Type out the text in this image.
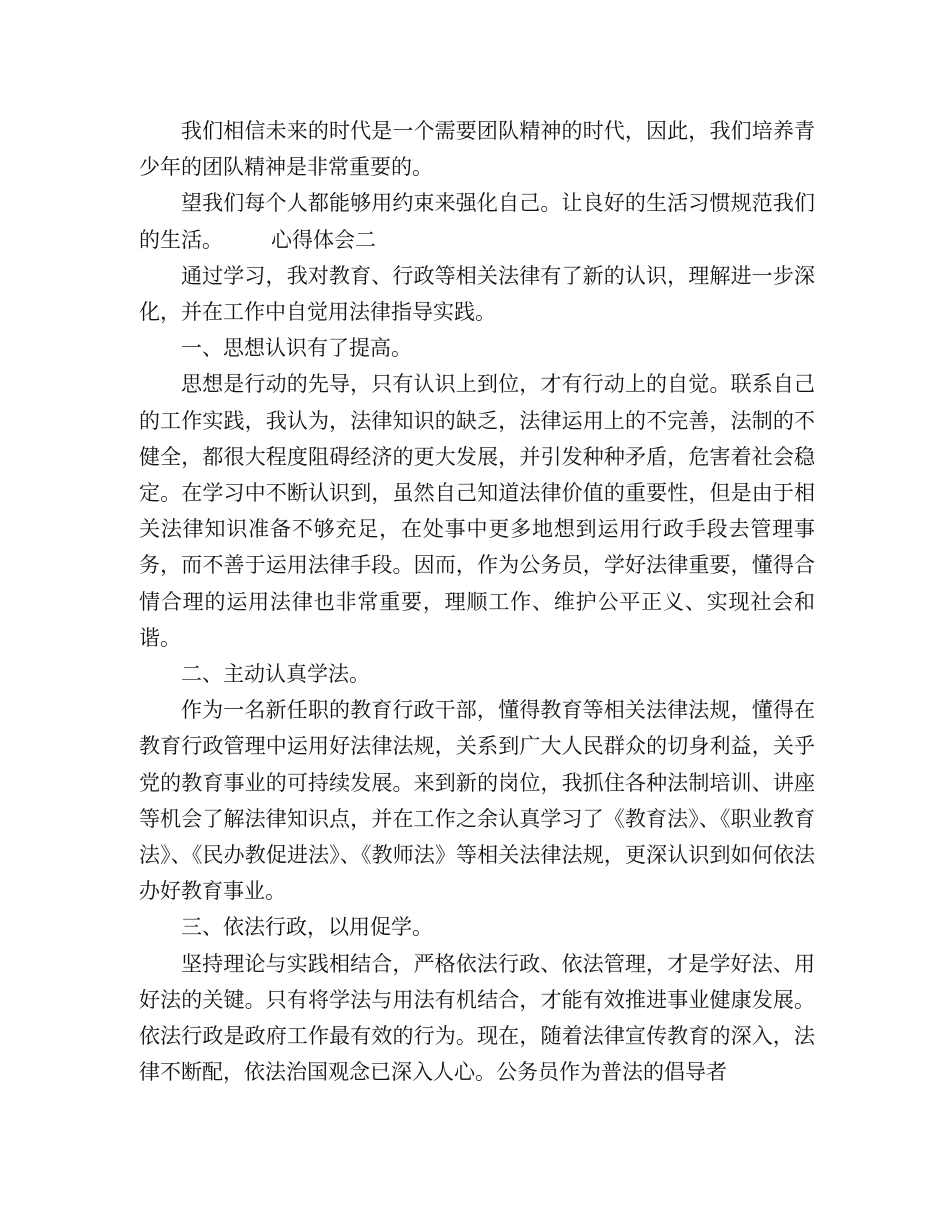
我们相信未来的时代是一个需要团队精神的时代，因此，我们培养青少年的团队精神是非常重要的。

望我们每个人都能够用约束来强化自己。让良好的生活习惯规范我们的生活。 心得体会二

通过学习，我对教育、行政等相关法律有了新的认识，理解进一步深化，并在工作中自觉用法律指导实践。

一、思想认识有了提高。

思想是行动的先导，只有认识上到位，才有行动上的自觉。联系自己的工作实践，我认为，法律知识的缺乏，法律运用上的不完善，法制的不健全，都很大程度阻碍经济的更大发展，并引发种种矛盾，危害着社会稳定。在学习中不断认识到，虽然自己知道法律价值的重要性，但是由于相关法律知识准备不够充足，在处事中更多地想到运用行政手段去管理事务，而不善于运用法律手段。因而，作为公务员，学好法律重要，懂得合情合理的运用法律也非常重要，理顺工作、维护公平正义、实现社会和谐。

二、主动认真学法。

作为一名新任职的教育行政干部，懂得教育等相关法律法规，懂得在教育行政管理中运用好法律法规，关系到广大人民群众的切身利益，关乎党的教育事业的可持续发展。来到新的岗位，我抓住各种法制培训、讲座等机会了解法律知识点，并在工作之余认真学习了《教育法》、《职业教育法》、《民办教促进法》、《教师法》等相关法律法规，更深认识到如何依法办好教育事业。

三、依法行政，以用促学。

坚持理论与实践相结合，严格依法行政、依法管理，才是学好法、用好法的关键。只有将学法与用法有机结合，才能有效推进事业健康发展。依法行政是政府工作最有效的行为。现在，随着法律宣传教育的深入，法律不断配，依法治国观念已深入人心。公务员作为普法的倡导者
